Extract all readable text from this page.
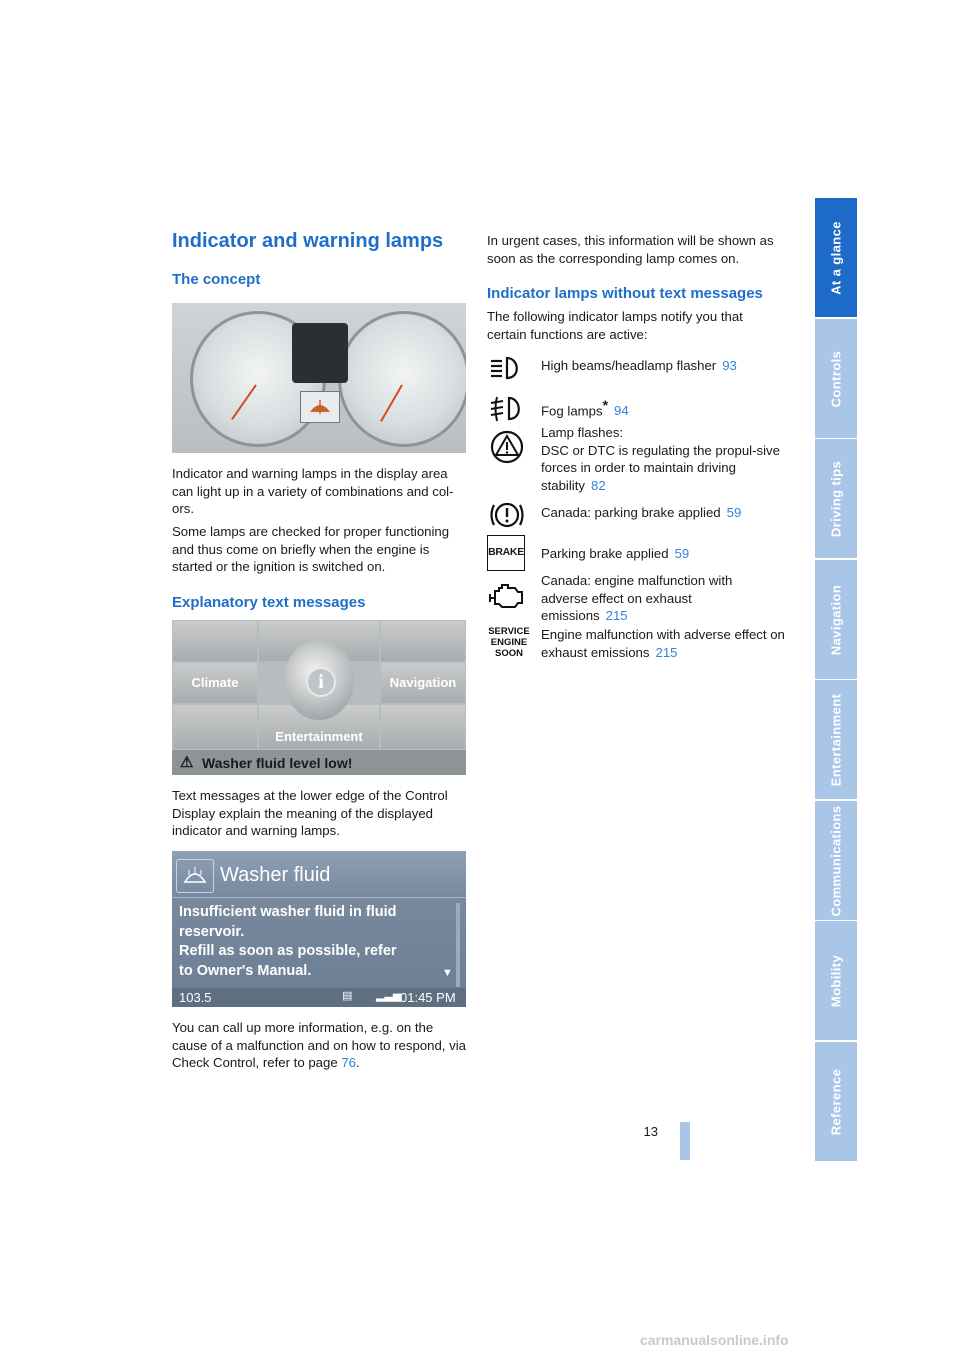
At a glance
Controls
Driving tips
Navigation
Entertainment
Communications
Mobility
Reference
Indicator and warning lamps
The concept

Indicator and warning lamps in the display area can light up in a variety of combinations and col-ors.

Some lamps are checked for proper functioning and thus come on briefly when the engine is started or the ignition is switched on.

Explanatory text messages
Climate	Navigation
Entertainment
i
⚠ Washer fluid level low!

Text messages at the lower edge of the Control Display explain the meaning of the displayed indicator and warning lamps.

Washer fluid
Insufficient washer fluid in fluid
reservoir.
Refill as soon as possible, refer
to Owner's Manual.	▼
103.5	▤ ▂▃▅
01:45 PM

You can call up more information, e.g. on the cause of a malfunction and on how to respond, via Check Control, refer to page 76.

In urgent cases, this information will be shown as soon as the corresponding lamp comes on.

Indicator lamps without text messages

The following indicator lamps notify you that certain functions are active:

High beams/headlamp flasher 93
Fog lamps* 94
Lamp flashes:
DSC or DTC is regulating the propul-sive forces in order to maintain driving stability 82
Canada: parking brake applied 59
BRAKE Parking brake applied 59
Canada: engine malfunction with adverse effect on exhaust emissions 215
SERVICE
ENGINE
SOON
Engine malfunction with adverse effect on exhaust emissions 215
13
carmanualsonline.info
